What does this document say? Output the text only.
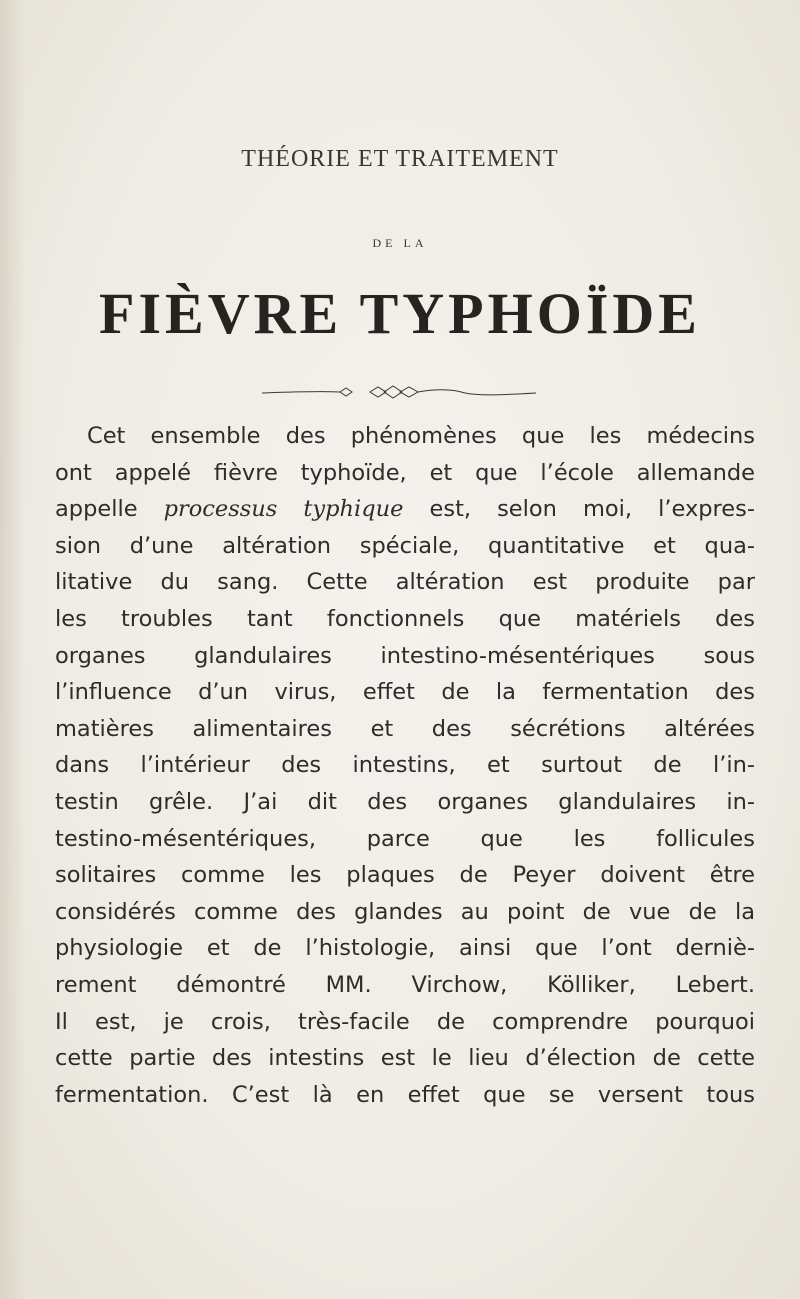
THÉORIE ET TRAITEMENT
DE LA
FIÈVRE TYPHOÏDE
Cet ensemble des phénomènes que les médecins
ont appelé fièvre typhoïde, et que l’école allemande
appelle processus typhique est, selon moi, l’expres-
sion d’une altération spéciale, quantitative et qua-
litative du sang. Cette altération est produite par
les troubles tant fonctionnels que matériels des
organes glandulaires intestino-mésentériques sous
l’influence d’un virus, effet de la fermentation des
matières alimentaires et des sécrétions altérées
dans l’intérieur des intestins, et surtout de l’in-
testin grêle. J’ai dit des organes glandulaires in-
testino-mésentériques, parce que les follicules
solitaires comme les plaques de Peyer doivent être
considérés comme des glandes au point de vue de la
physiologie et de l’histologie, ainsi que l’ont derniè-
rement démontré MM. Virchow, Kölliker, Lebert.
Il est, je crois, très-facile de comprendre pourquoi
cette partie des intestins est le lieu d’élection de cette
fermentation. C’est là en effet que se versent tous
